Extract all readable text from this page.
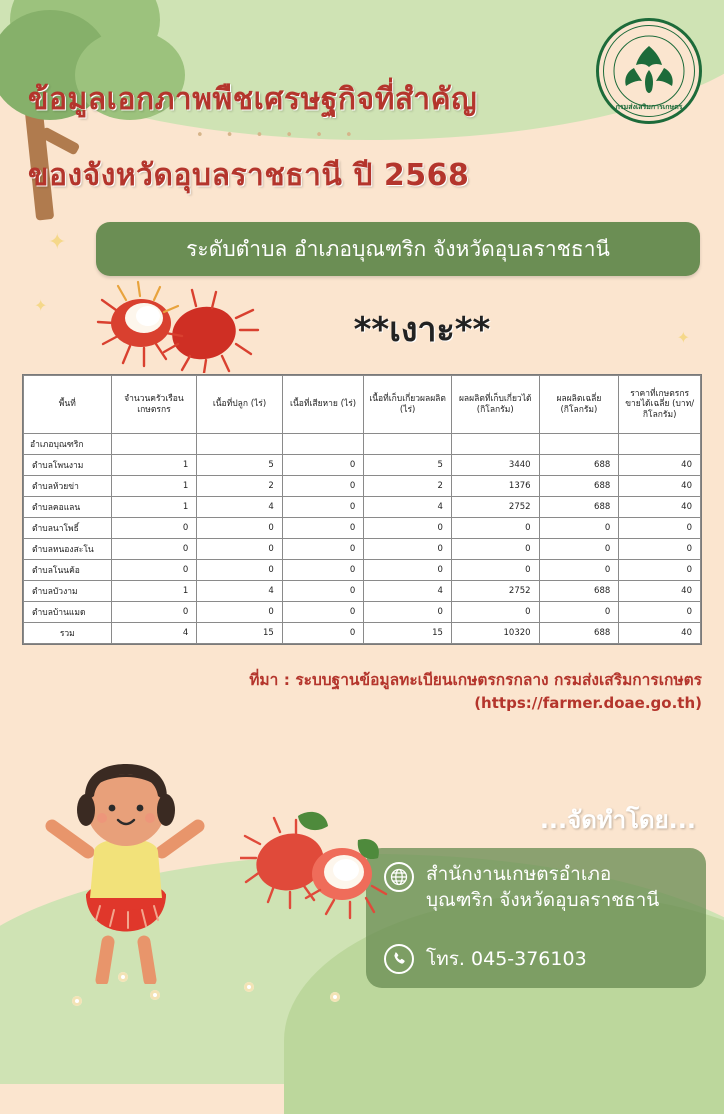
✦
✦
✦
• • • • • •
กรมส่งเสริมการเกษตร
ข้อมูลเอกภาพพืชเศรษฐกิจที่สำคัญ
ของจังหวัดอุบลราชธานี ปี 2568
ระดับตำบล อำเภอบุณฑริก จังหวัดอุบลราชธานี
**เงาะ**
พื้นที่	จำนวนครัวเรือนเกษตรกร	เนื้อที่ปลูก (ไร่)	เนื้อที่เสียหาย (ไร่)	เนื้อที่เก็บเกี่ยวผลผลิต (ไร่)	ผลผลิตที่เก็บเกี่ยวได้ (กิโลกรัม)	ผลผลิตเฉลี่ย (กิโลกรัม)	ราคาที่เกษตรกรขายได้เฉลี่ย (บาท/กิโลกรัม)
อำเภอบุณฑริก							
ตำบลโพนงาม	1	5	0	5	3440	688	40
ตำบลห้วยข่า	1	2	0	2	1376	688	40
ตำบลคอแลน	1	4	0	4	2752	688	40
ตำบลนาโพธิ์	0	0	0	0	0	0	0
ตำบลหนองสะโน	0	0	0	0	0	0	0
ตำบลโนนค้อ	0	0	0	0	0	0	0
ตำบลบัวงาม	1	4	0	4	2752	688	40
ตำบลบ้านแมด	0	0	0	0	0	0	0
รวม	4	15	0	15	10320	688	40
ที่มา : ระบบฐานข้อมูลทะเบียนเกษตรกรกลาง กรมส่งเสริมการเกษตร
(https://farmer.doae.go.th)
...จัดทำโดย...
สำนักงานเกษตรอำเภอ
บุณฑริก จังหวัดอุบลราชธานี
โทร. 045-376103
